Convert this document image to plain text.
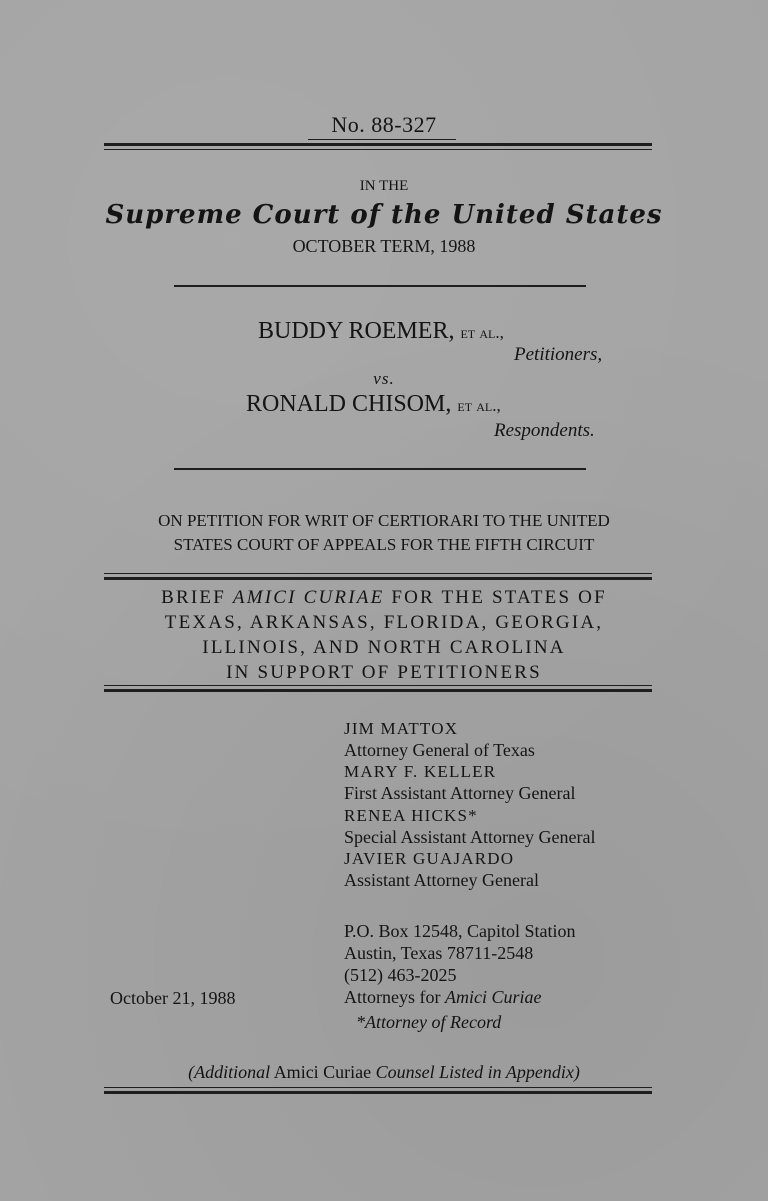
No. 88-327
IN THE
Supreme Court of the United States
OCTOBER TERM, 1988
BUDDY ROEMER, et al.,
Petitioners,
vs.
RONALD CHISOM, et al.,
Respondents.
ON PETITION FOR WRIT OF CERTIORARI TO THE UNITED
STATES COURT OF APPEALS FOR THE FIFTH CIRCUIT
BRIEF AMICI CURIAE FOR THE STATES OF
TEXAS, ARKANSAS, FLORIDA, GEORGIA,
ILLINOIS, AND NORTH CAROLINA
IN SUPPORT OF PETITIONERS
JIM MATTOX
Attorney General of Texas
MARY F. KELLER
First Assistant Attorney General
RENEA HICKS*
Special Assistant Attorney General
JAVIER GUAJARDO
Assistant Attorney General
P.O. Box 12548, Capitol Station
Austin, Texas 78711-2548
(512) 463-2025
Attorneys for Amici Curiae
October 21, 1988
*Attorney of Record
(Additional Amici Curiae Counsel Listed in Appendix)
